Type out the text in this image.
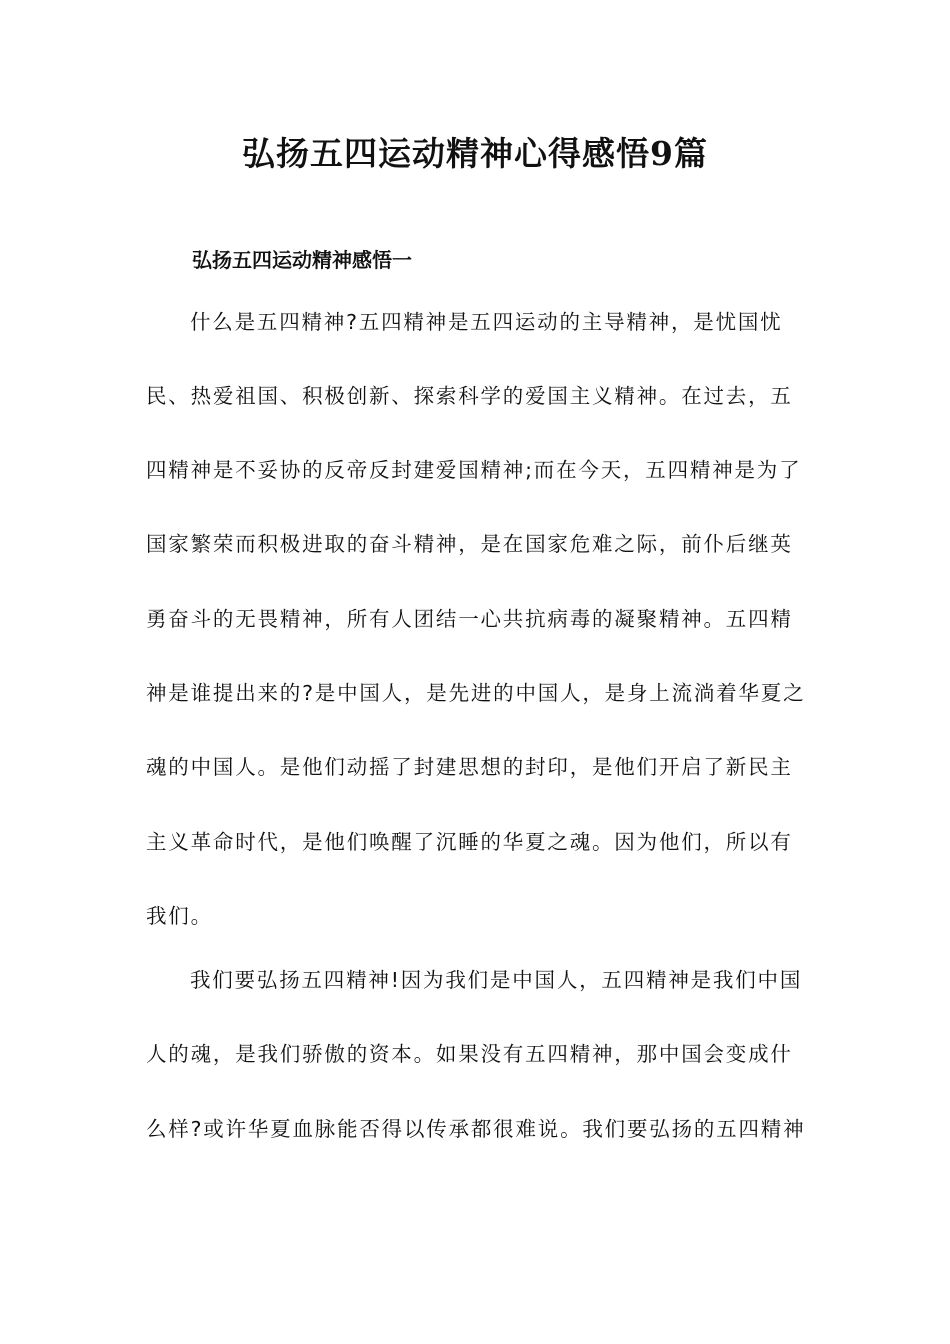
弘扬五四运动精神心得感悟9篇
弘扬五四运动精神感悟一
什么是五四精神?五四精神是五四运动的主导精神，是忧国忧
民、热爱祖国、积极创新、探索科学的爱国主义精神。在过去，五
四精神是不妥协的反帝反封建爱国精神;而在今天，五四精神是为了
国家繁荣而积极进取的奋斗精神，是在国家危难之际，前仆后继英
勇奋斗的无畏精神，所有人团结一心共抗病毒的凝聚精神。五四精
神是谁提出来的?是中国人，是先进的中国人，是身上流淌着华夏之
魂的中国人。是他们动摇了封建思想的封印，是他们开启了新民主
主义革命时代，是他们唤醒了沉睡的华夏之魂。因为他们，所以有
我们。
我们要弘扬五四精神!因为我们是中国人，五四精神是我们中国
人的魂，是我们骄傲的资本。如果没有五四精神，那中国会变成什
么样?或许华夏血脉能否得以传承都很难说。我们要弘扬的五四精神
